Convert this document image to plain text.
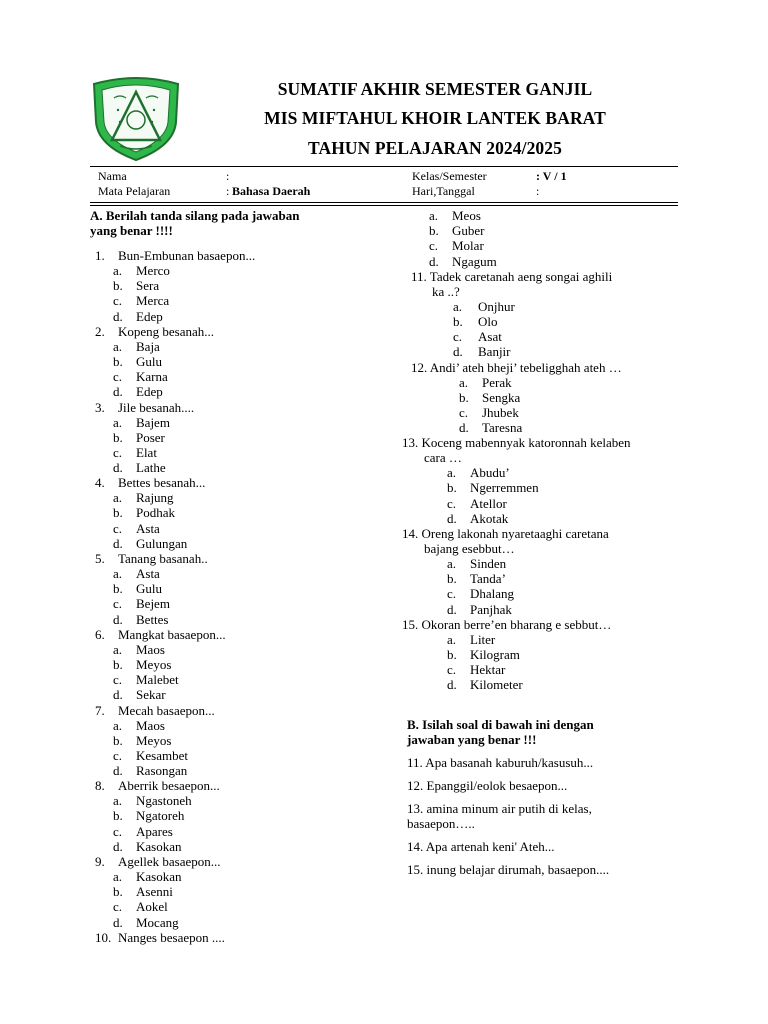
SUMATIF AKHIR SEMESTER GANJIL
MIS MIFTAHUL KHOIR LANTEK BARAT
TAHUN PELAJARAN 2024/2025
Nama	:	Kelas/Semester	: V / 1
Mata Pelajaran	: Bahasa Daerah	Hari,Tanggal	:
A. Berilah tanda silang pada jawaban
yang benar !!!!
1. Bun-Embunan basaepon...
a. Merco
b. Sera
c. Merca
d. Edep
2. Kopeng besanah...
a. Baja
b. Gulu
c. Karna
d. Edep
3. Jile besanah....
a. Bajem
b. Poser
c. Elat
d. Lathe
4. Bettes besanah...
a. Rajung
b. Podhak
c. Asta
d. Gulungan
5. Tanang basanah..
a. Asta
b. Gulu
c. Bejem
d. Bettes
6. Mangkat basaepon...
a. Maos
b. Meyos
c. Malebet
d. Sekar
7. Mecah basaepon...
a. Maos
b. Meyos
c. Kesambet
d. Rasongan
8. Aberrik besaepon...
a. Ngastoneh
b. Ngatoreh
c. Apares
d. Kasokan
9. Agellek basaepon...
a. Kasokan
b. Asenni
c. Aokel
d. Mocang
10. Nanges besaepon ....
a. Meos
b. Guber
c. Molar
d. Ngagum
11. Tadek caretanah aeng songai aghili
ka ..?
a. Onjhur
b. Olo
c. Asat
d. Banjir
12. Andi’ ateh bheji’ tebeligghah ateh …
a. Perak
b. Sengka
c. Jhubek
d. Taresna
13. Koceng mabennyak katoronnah kelaben
cara …
a. Abudu’
b. Ngerremmen
c. Atellor
d. Akotak
14. Oreng lakonah nyaretaaghi caretana
bajang esebbut…
a. Sinden
b. Tanda’
c. Dhalang
d. Panjhak
15. Okoran berre’en bharang e sebbut…
a. Liter
b. Kilogram
c. Hektar
d. Kilometer
B. Isilah soal di bawah ini dengan
jawaban yang benar !!!
11. Apa basanah kaburuh/kasusuh...
12. Epanggil/eolok besaepon...
13. amina minum air putih di kelas,
basaepon…..
14. Apa artenah keni' Ateh...
15. inung belajar dirumah, basaepon....
